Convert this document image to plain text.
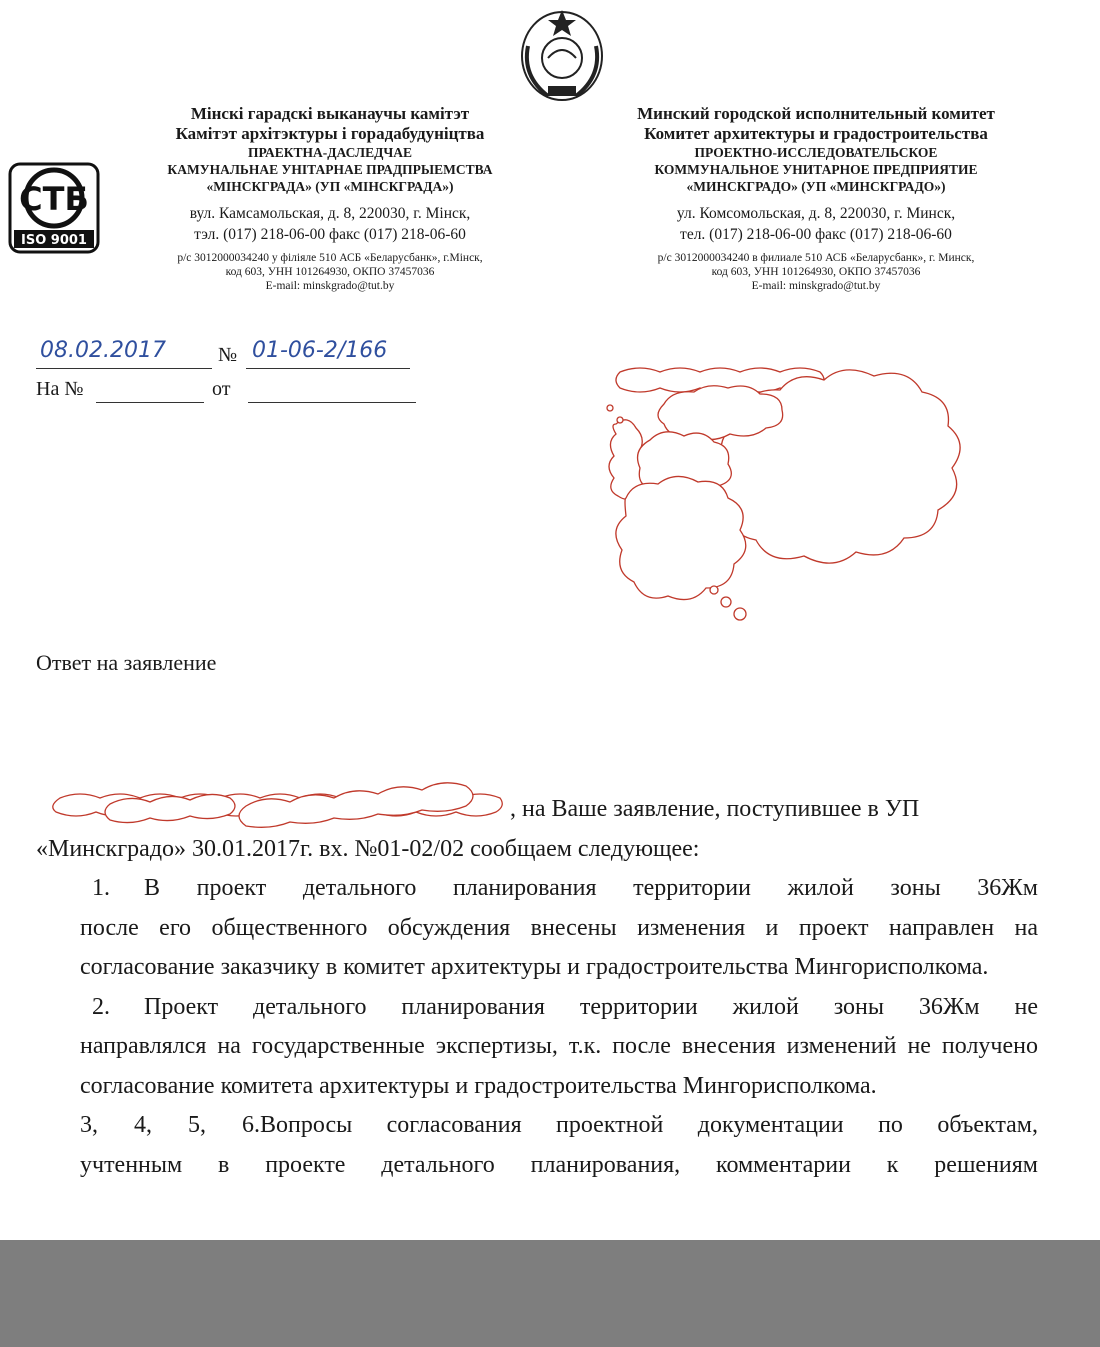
СТБ
ISO 9001
Мінскі гарадскі выканаучы камітэт
Камітэт архітэктуры і горадабудуніцтва
ПРАЕКТНА-ДАСЛЕДЧАЕ
КАМУНАЛЬНАЕ УНІТАРНАЕ ПРАДПРЫЕМСТВА
«МІНСКГРАДА» (УП «МІНСКГРАДА»)
вул. Камсамольская, д. 8, 220030, г. Мінск,
тэл. (017) 218-06-00 факс (017) 218-06-60
р/с 3012000034240 у філіяле 510 АСБ «Беларусбанк», г.Мінск,
код 603, УНН 101264930, ОКПО 37457036
E-mail: minskgrado@tut.by
Минский городской исполнительный комитет
Комитет архитектуры и градостроительства
ПРОЕКТНО-ИССЛЕДОВАТЕЛЬСКОЕ
КОММУНАЛЬНОЕ УНИТАРНОЕ ПРЕДПРИЯТИЕ
«МИНСКГРАДО» (УП «МИНСКГРАДО»)
ул. Комсомольская, д. 8, 220030, г. Минск,
тел. (017) 218-06-00 факс (017) 218-06-60
р/с 3012000034240 в филиале 510 АСБ «Беларусбанк», г. Минск,
код 603, УНН 101264930, ОКПО 37457036
E-mail: minskgrado@tut.by
08.02.2017	№ 01-06-2/166
На №	от
Ответ на заявление
, на Ваше заявление, поступившее в УП
«Минскградо» 30.01.2017г. вх. №01-02/02 сообщаем следующее:
1. В проект детального планирования территории жилой зоны 36Жм
после его общественного обсуждения внесены изменения и проект направлен на согласование заказчику в комитет архитектуры и градостроительства Мингорисполкома.
2. Проект детального планирования территории жилой зоны 36Жм не
направлялся на государственные экспертизы, т.к. после внесения изменений не получено согласование комитета архитектуры и градостроительства Мингорисполкома.
3, 4, 5, 6.Вопросы согласования проектной документации по объектам,
учтенным в проекте детального планирования, комментарии к решениям
